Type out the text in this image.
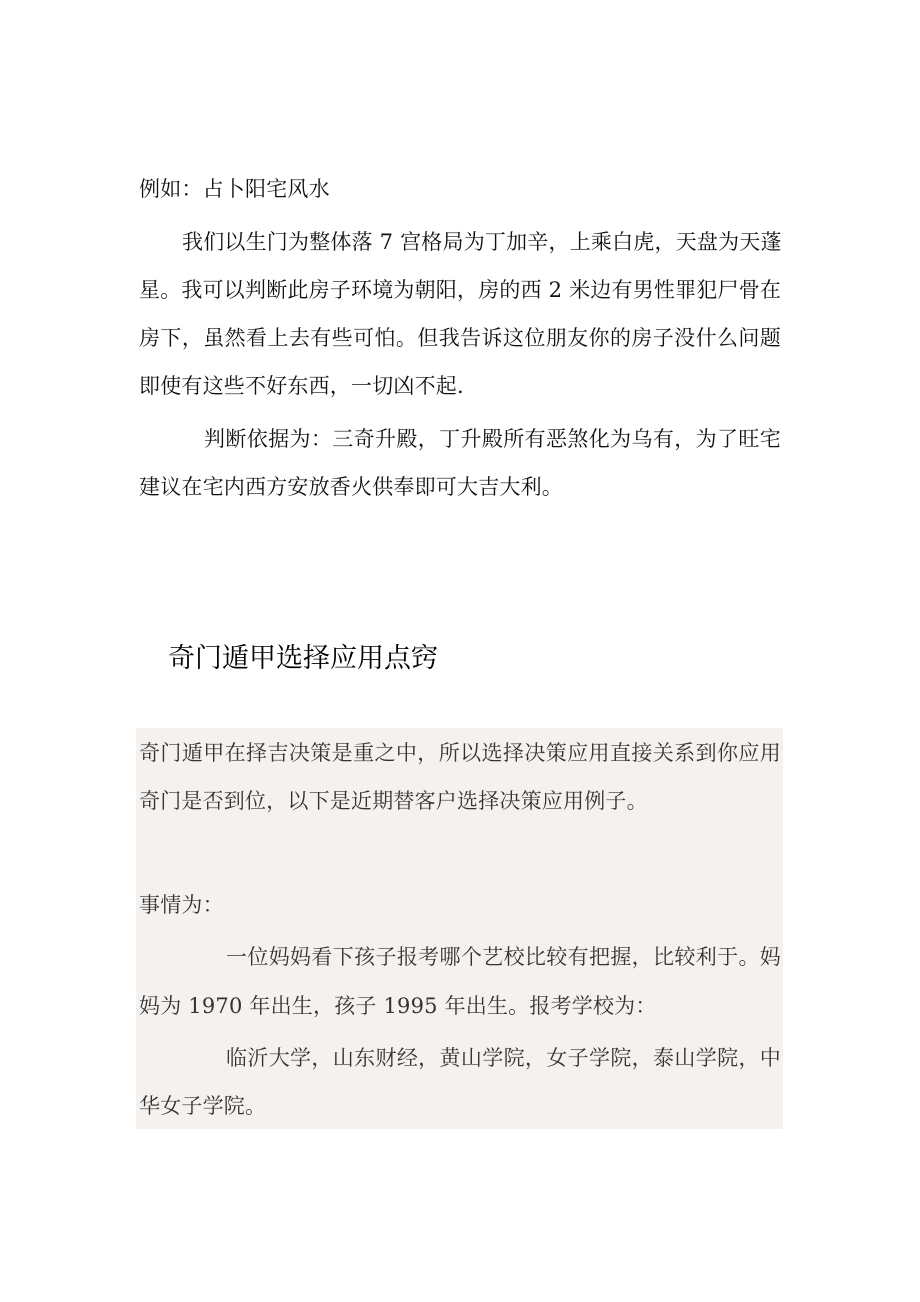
例如：占卜阳宅风水
我们以生门为整体落 7 宫格局为丁加辛，上乘白虎，天盘为天蓬
星。我可以判断此房子环境为朝阳，房的西 2 米边有男性罪犯尸骨在
房下，虽然看上去有些可怕。但我告诉这位朋友你的房子没什么问题
即使有这些不好东西，一切凶不起.
判断依据为：三奇升殿，丁升殿所有恶煞化为乌有，为了旺宅
建议在宅内西方安放香火供奉即可大吉大利。
奇门遁甲选择应用点窍
奇门遁甲在择吉决策是重之中，所以选择决策应用直接关系到你应用
奇门是否到位，以下是近期替客户选择决策应用例子。
事情为：
一位妈妈看下孩子报考哪个艺校比较有把握，比较利于。妈
妈为 1970 年出生，孩子 1995 年出生。报考学校为：
临沂大学，山东财经，黄山学院，女子学院，泰山学院，中
华女子学院。
